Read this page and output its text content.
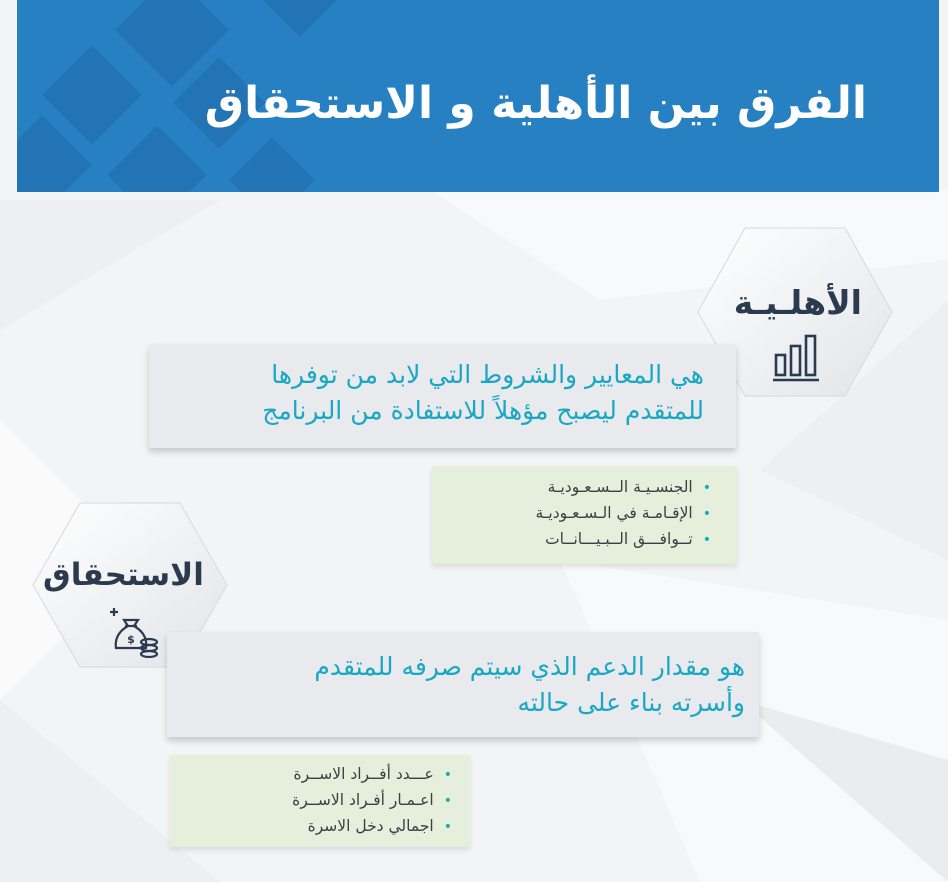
الفرق بين الأهلية و الاستحقاق
الأهلـيـة
هي المعايير والشروط التي لابد من توفرها
للمتقدم ليصبح مؤهلاً للاستفادة من البرنامج
•الجنسـيـة الــسـعـوديـة
•الإقـامـة في الـسـعـوديـة
•تــوافـــق الــبـيـــانــات
الاستحقاق
$
هو مقدار الدعم الذي سيتم صرفه للمتقدم
وأسرته بناء على حالته
•عـــدد أفــراد الاســرة
•اعـمـار أفـراد الاســرة
•اجمالي دخل الاسرة
